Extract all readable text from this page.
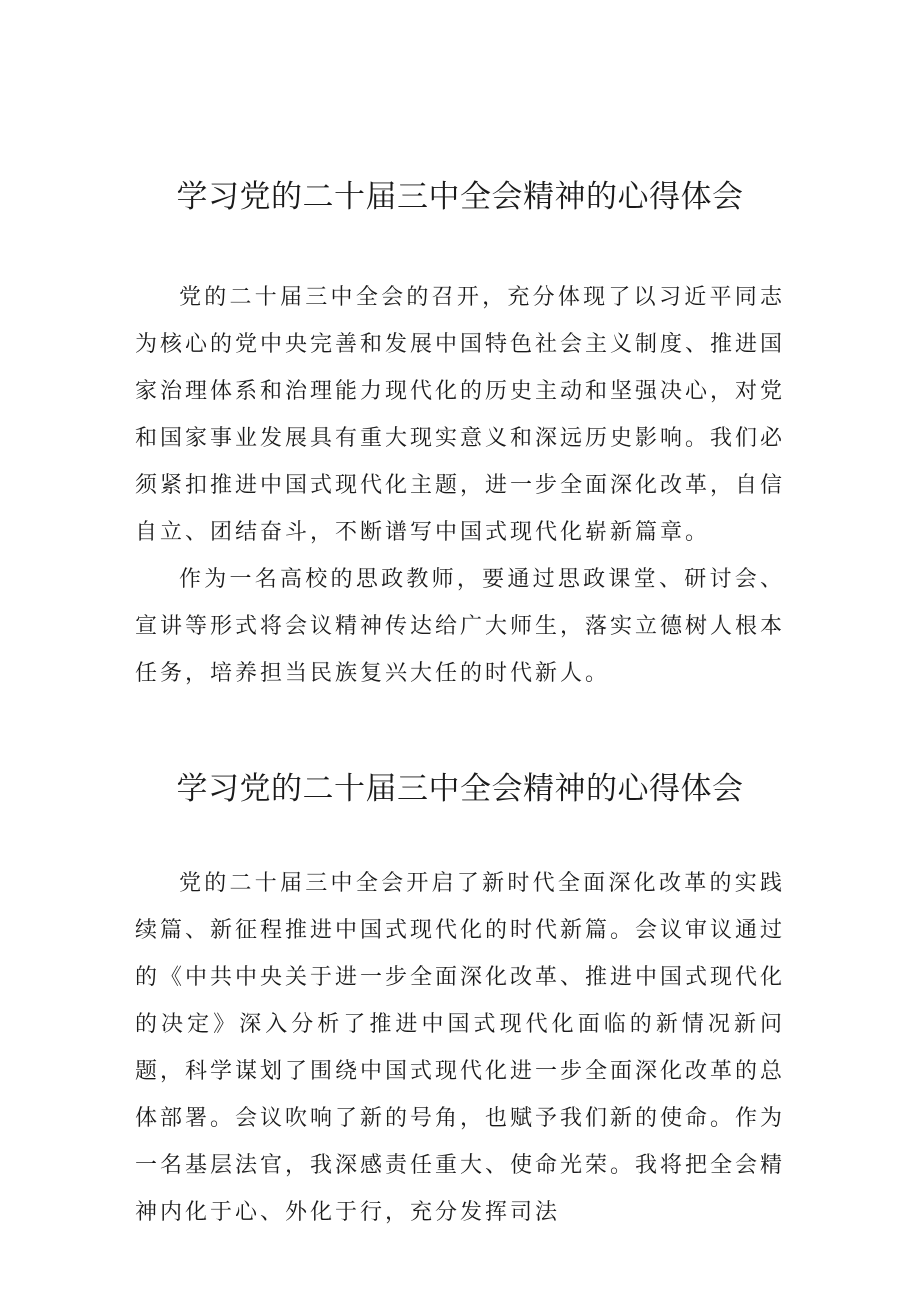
学习党的二十届三中全会精神的心得体会

党的二十届三中全会的召开，充分体现了以习近平同志为核心的党中央完善和发展中国特色社会主义制度、推进国家治理体系和治理能力现代化的历史主动和坚强决心，对党和国家事业发展具有重大现实意义和深远历史影响。我们必须紧扣推进中国式现代化主题，进一步全面深化改革，自信自立、团结奋斗，不断谱写中国式现代化崭新篇章。

作为一名高校的思政教师，要通过思政课堂、研讨会、宣讲等形式将会议精神传达给广大师生，落实立德树人根本任务，培养担当民族复兴大任的时代新人。

学习党的二十届三中全会精神的心得体会

党的二十届三中全会开启了新时代全面深化改革的实践续篇、新征程推进中国式现代化的时代新篇。会议审议通过的《中共中央关于进一步全面深化改革、推进中国式现代化的决定》深入分析了推进中国式现代化面临的新情况新问题，科学谋划了围绕中国式现代化进一步全面深化改革的总体部署。会议吹响了新的号角，也赋予我们新的使命。作为一名基层法官，我深感责任重大、使命光荣。我将把全会精神内化于心、外化于行，充分发挥司法
